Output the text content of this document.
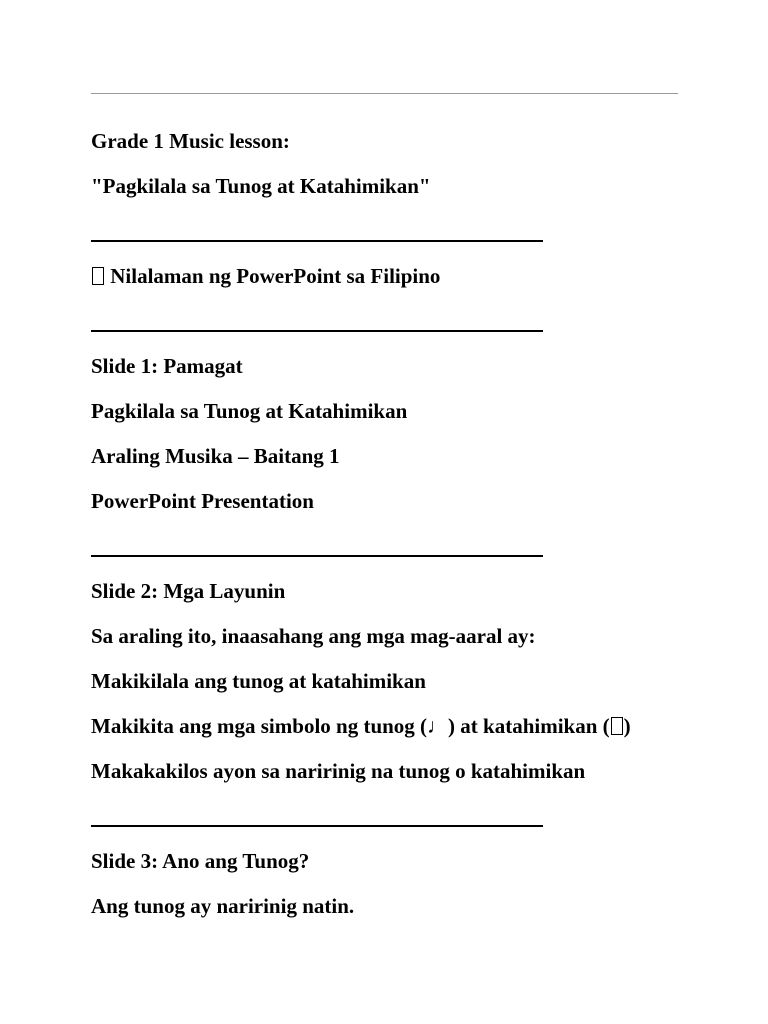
Grade 1 Music lesson:
"Pagkilala sa Tunog at Katahimikan"
Nilalaman ng PowerPoint sa Filipino
Slide 1: Pamagat
Pagkilala sa Tunog at Katahimikan
Araling Musika – Baitang 1
PowerPoint Presentation
Slide 2: Mga Layunin
Sa araling ito, inaasahang ang mga mag-aaral ay:
Makikilala ang tunog at katahimikan
Makikita ang mga simbolo ng tunog (♩) at katahimikan ( )
Makakakilos ayon sa naririnig na tunog o katahimikan
Slide 3: Ano ang Tunog?
Ang tunog ay naririnig natin.
